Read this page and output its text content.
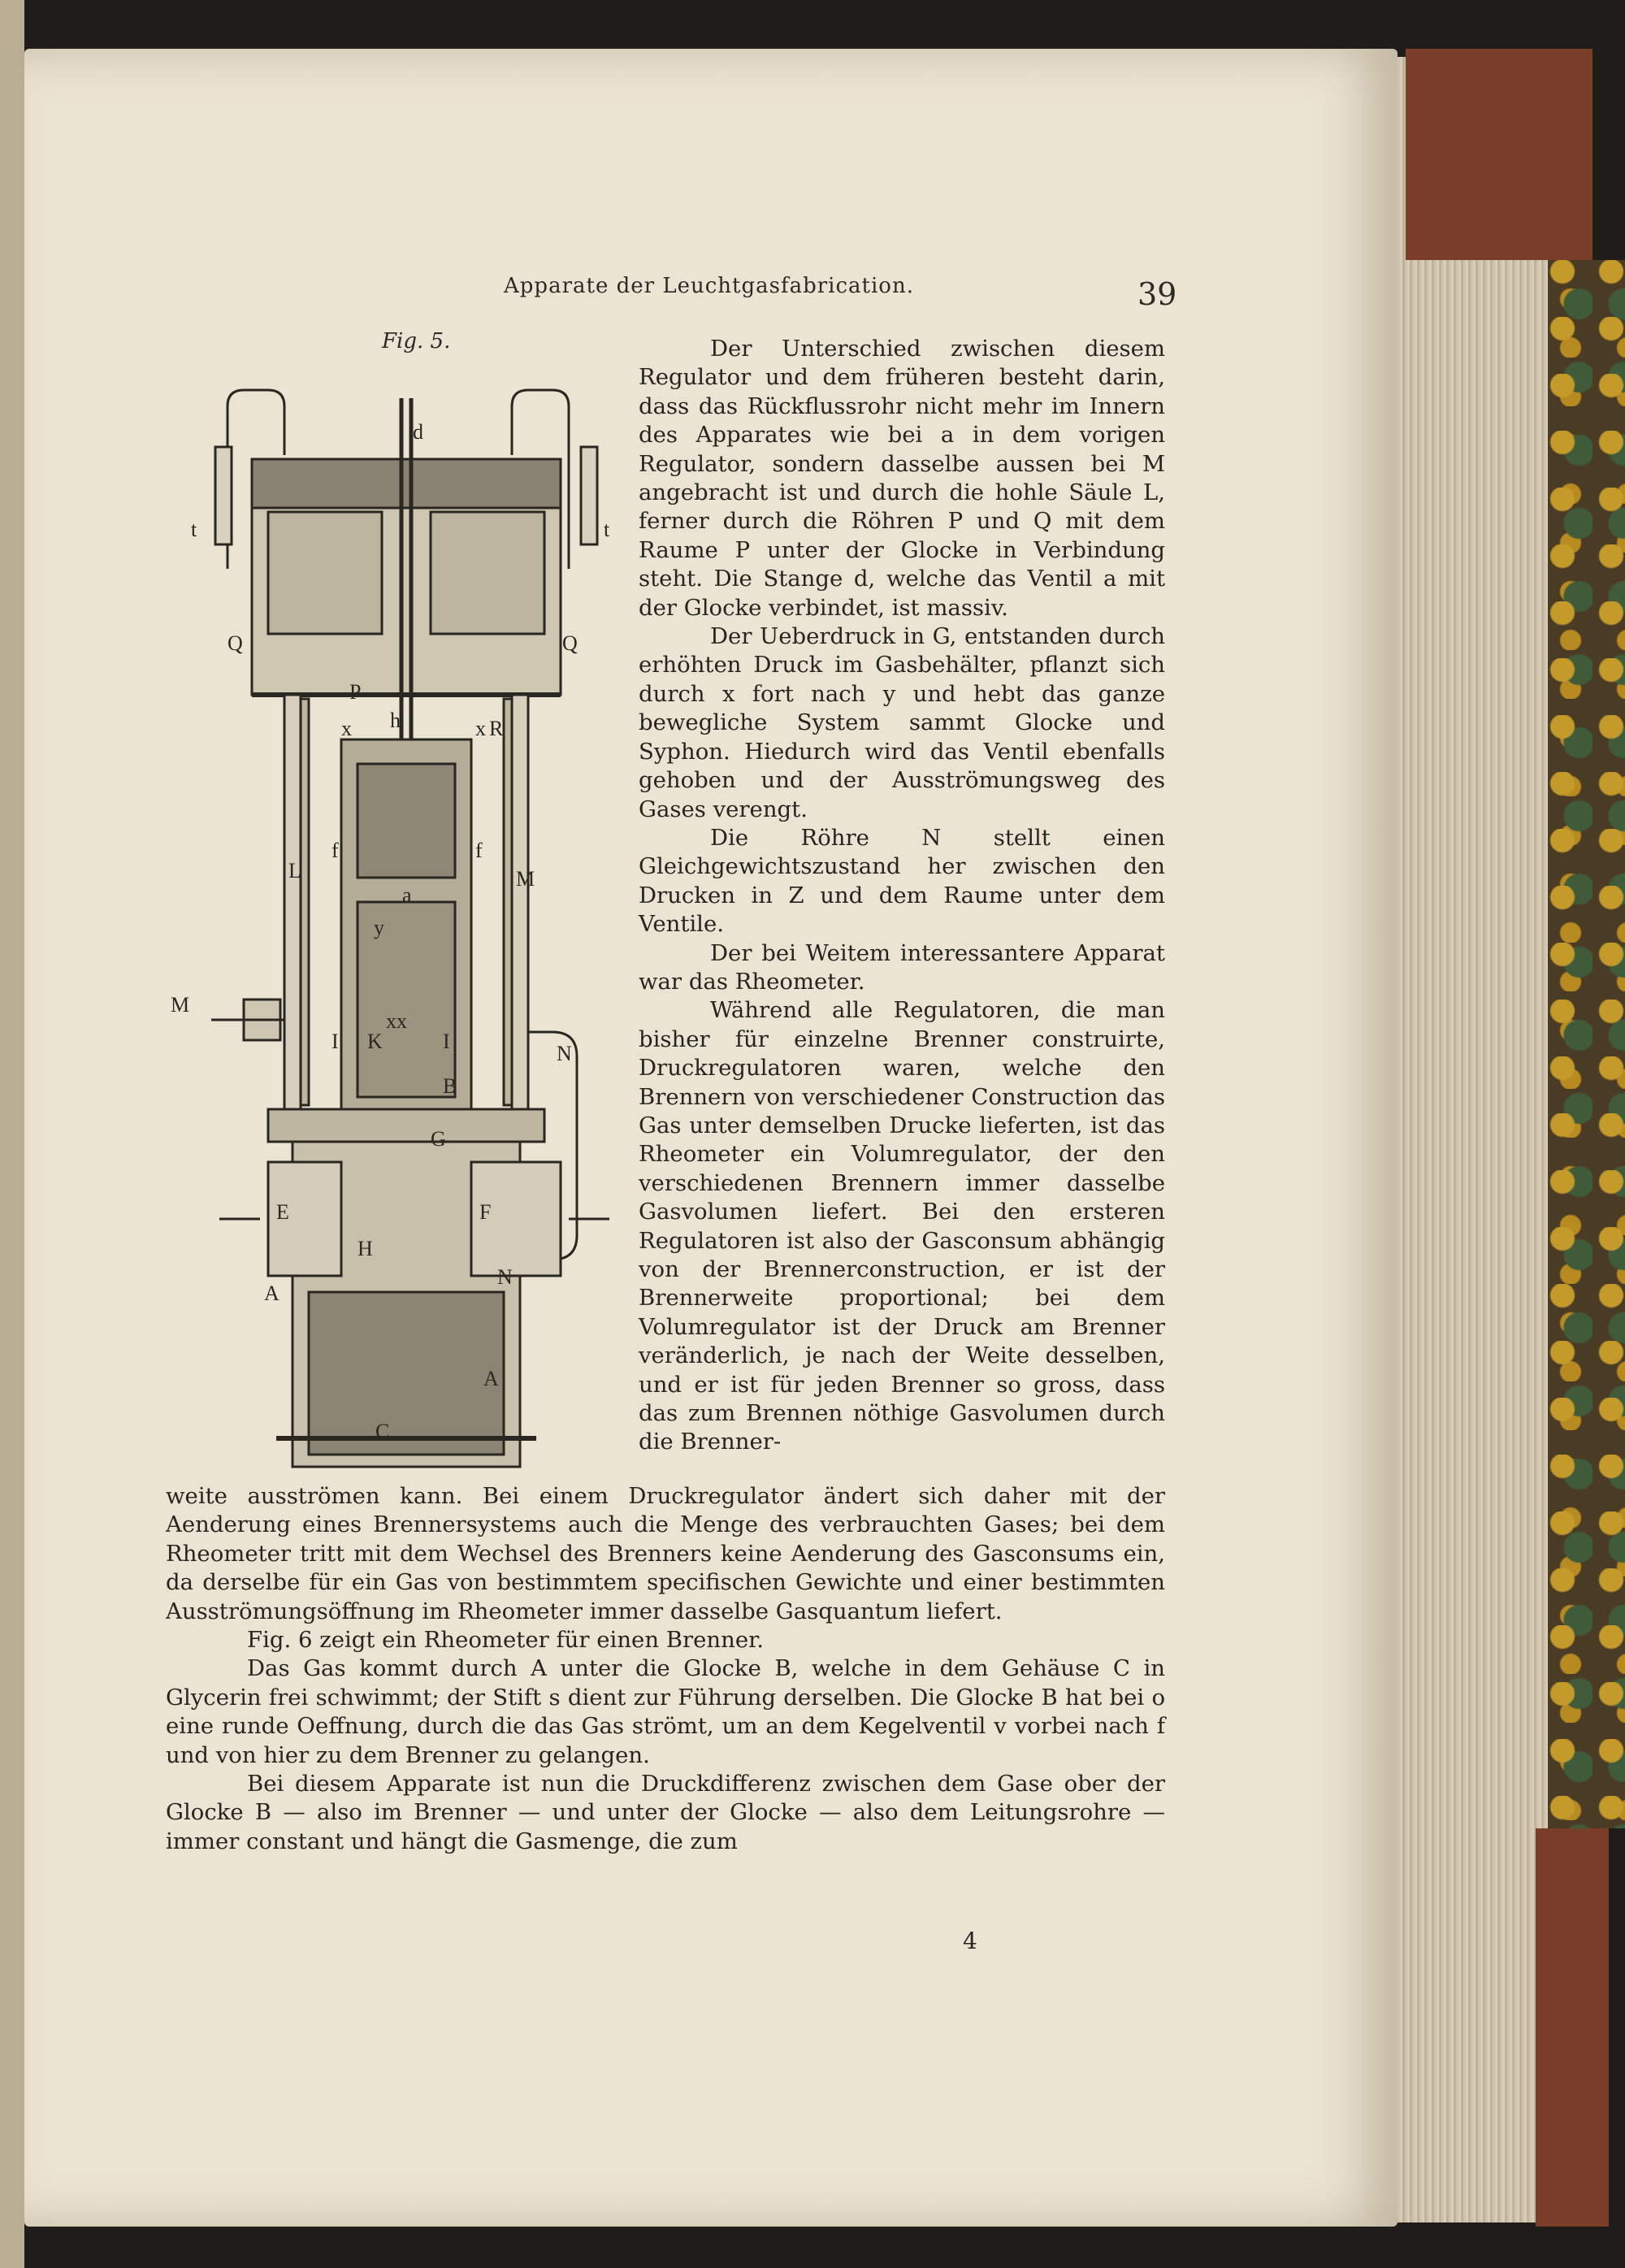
Apparate der Leuchtgasfabrication.	39
Fig. 5.
d
t	t
Q	Q
P
x	x R
h
f	f
L	M
M
a
y
K
xx
I	I
N
B
G
E	F
H
A
N
A
C

Der Unterschied zwischen diesem Regulator und dem früheren besteht darin, dass das Rückflussrohr nicht mehr im Innern des Apparates wie bei a in dem vorigen Regulator, sondern dasselbe aussen bei M angebracht ist und durch die hohle Säule L, ferner durch die Röhren P und Q mit dem Raume P unter der Glocke in Verbindung steht. Die Stange d, welche das Ventil a mit der Glocke verbindet, ist massiv.

Der Ueberdruck in G, entstanden durch erhöhten Druck im Gasbehälter, pflanzt sich durch x fort nach y und hebt das ganze bewegliche System sammt Glocke und Syphon. Hiedurch wird das Ventil ebenfalls gehoben und der Ausströmungsweg des Gases verengt.

Die Röhre N stellt einen Gleichgewichtszustand her zwischen den Drucken in Z und dem Raume unter dem Ventile.

Der bei Weitem interessantere Apparat war das Rheometer.

Während alle Regulatoren, die man bisher für einzelne Brenner construirte, Druckregulatoren waren, welche den Brennern von verschiedener Construction das Gas unter demselben Drucke lieferten, ist das Rheometer ein Volumregulator, der den verschiedenen Brennern immer dasselbe Gasvolumen liefert. Bei den ersteren Regulatoren ist also der Gasconsum abhängig von der Brennerconstruction, er ist der Brennerweite proportional; bei dem Volumregulator ist der Druck am Brenner veränderlich, je nach der Weite desselben, und er ist für jeden Brenner so gross, dass das zum Brennen nöthige Gasvolumen durch die Brenner-

weite ausströmen kann. Bei einem Druckregulator ändert sich daher mit der Aenderung eines Brennersystems auch die Menge des verbrauchten Gases; bei dem Rheometer tritt mit dem Wechsel des Brenners keine Aenderung des Gasconsums ein, da derselbe für ein Gas von bestimmtem specifischen Gewichte und einer bestimmten Ausströmungsöffnung im Rheometer immer dasselbe Gasquantum liefert.

Fig. 6 zeigt ein Rheometer für einen Brenner.

Das Gas kommt durch A unter die Glocke B, welche in dem Gehäuse C in Glycerin frei schwimmt; der Stift s dient zur Führung derselben. Die Glocke B hat bei o eine runde Oeffnung, durch die das Gas strömt, um an dem Kegelventil v vorbei nach f und von hier zu dem Brenner zu gelangen.

Bei diesem Apparate ist nun die Druckdifferenz zwischen dem Gase ober der Glocke B — also im Brenner — und unter der Glocke — also dem Leitungsrohre — immer constant und hängt die Gasmenge, die zum

4
